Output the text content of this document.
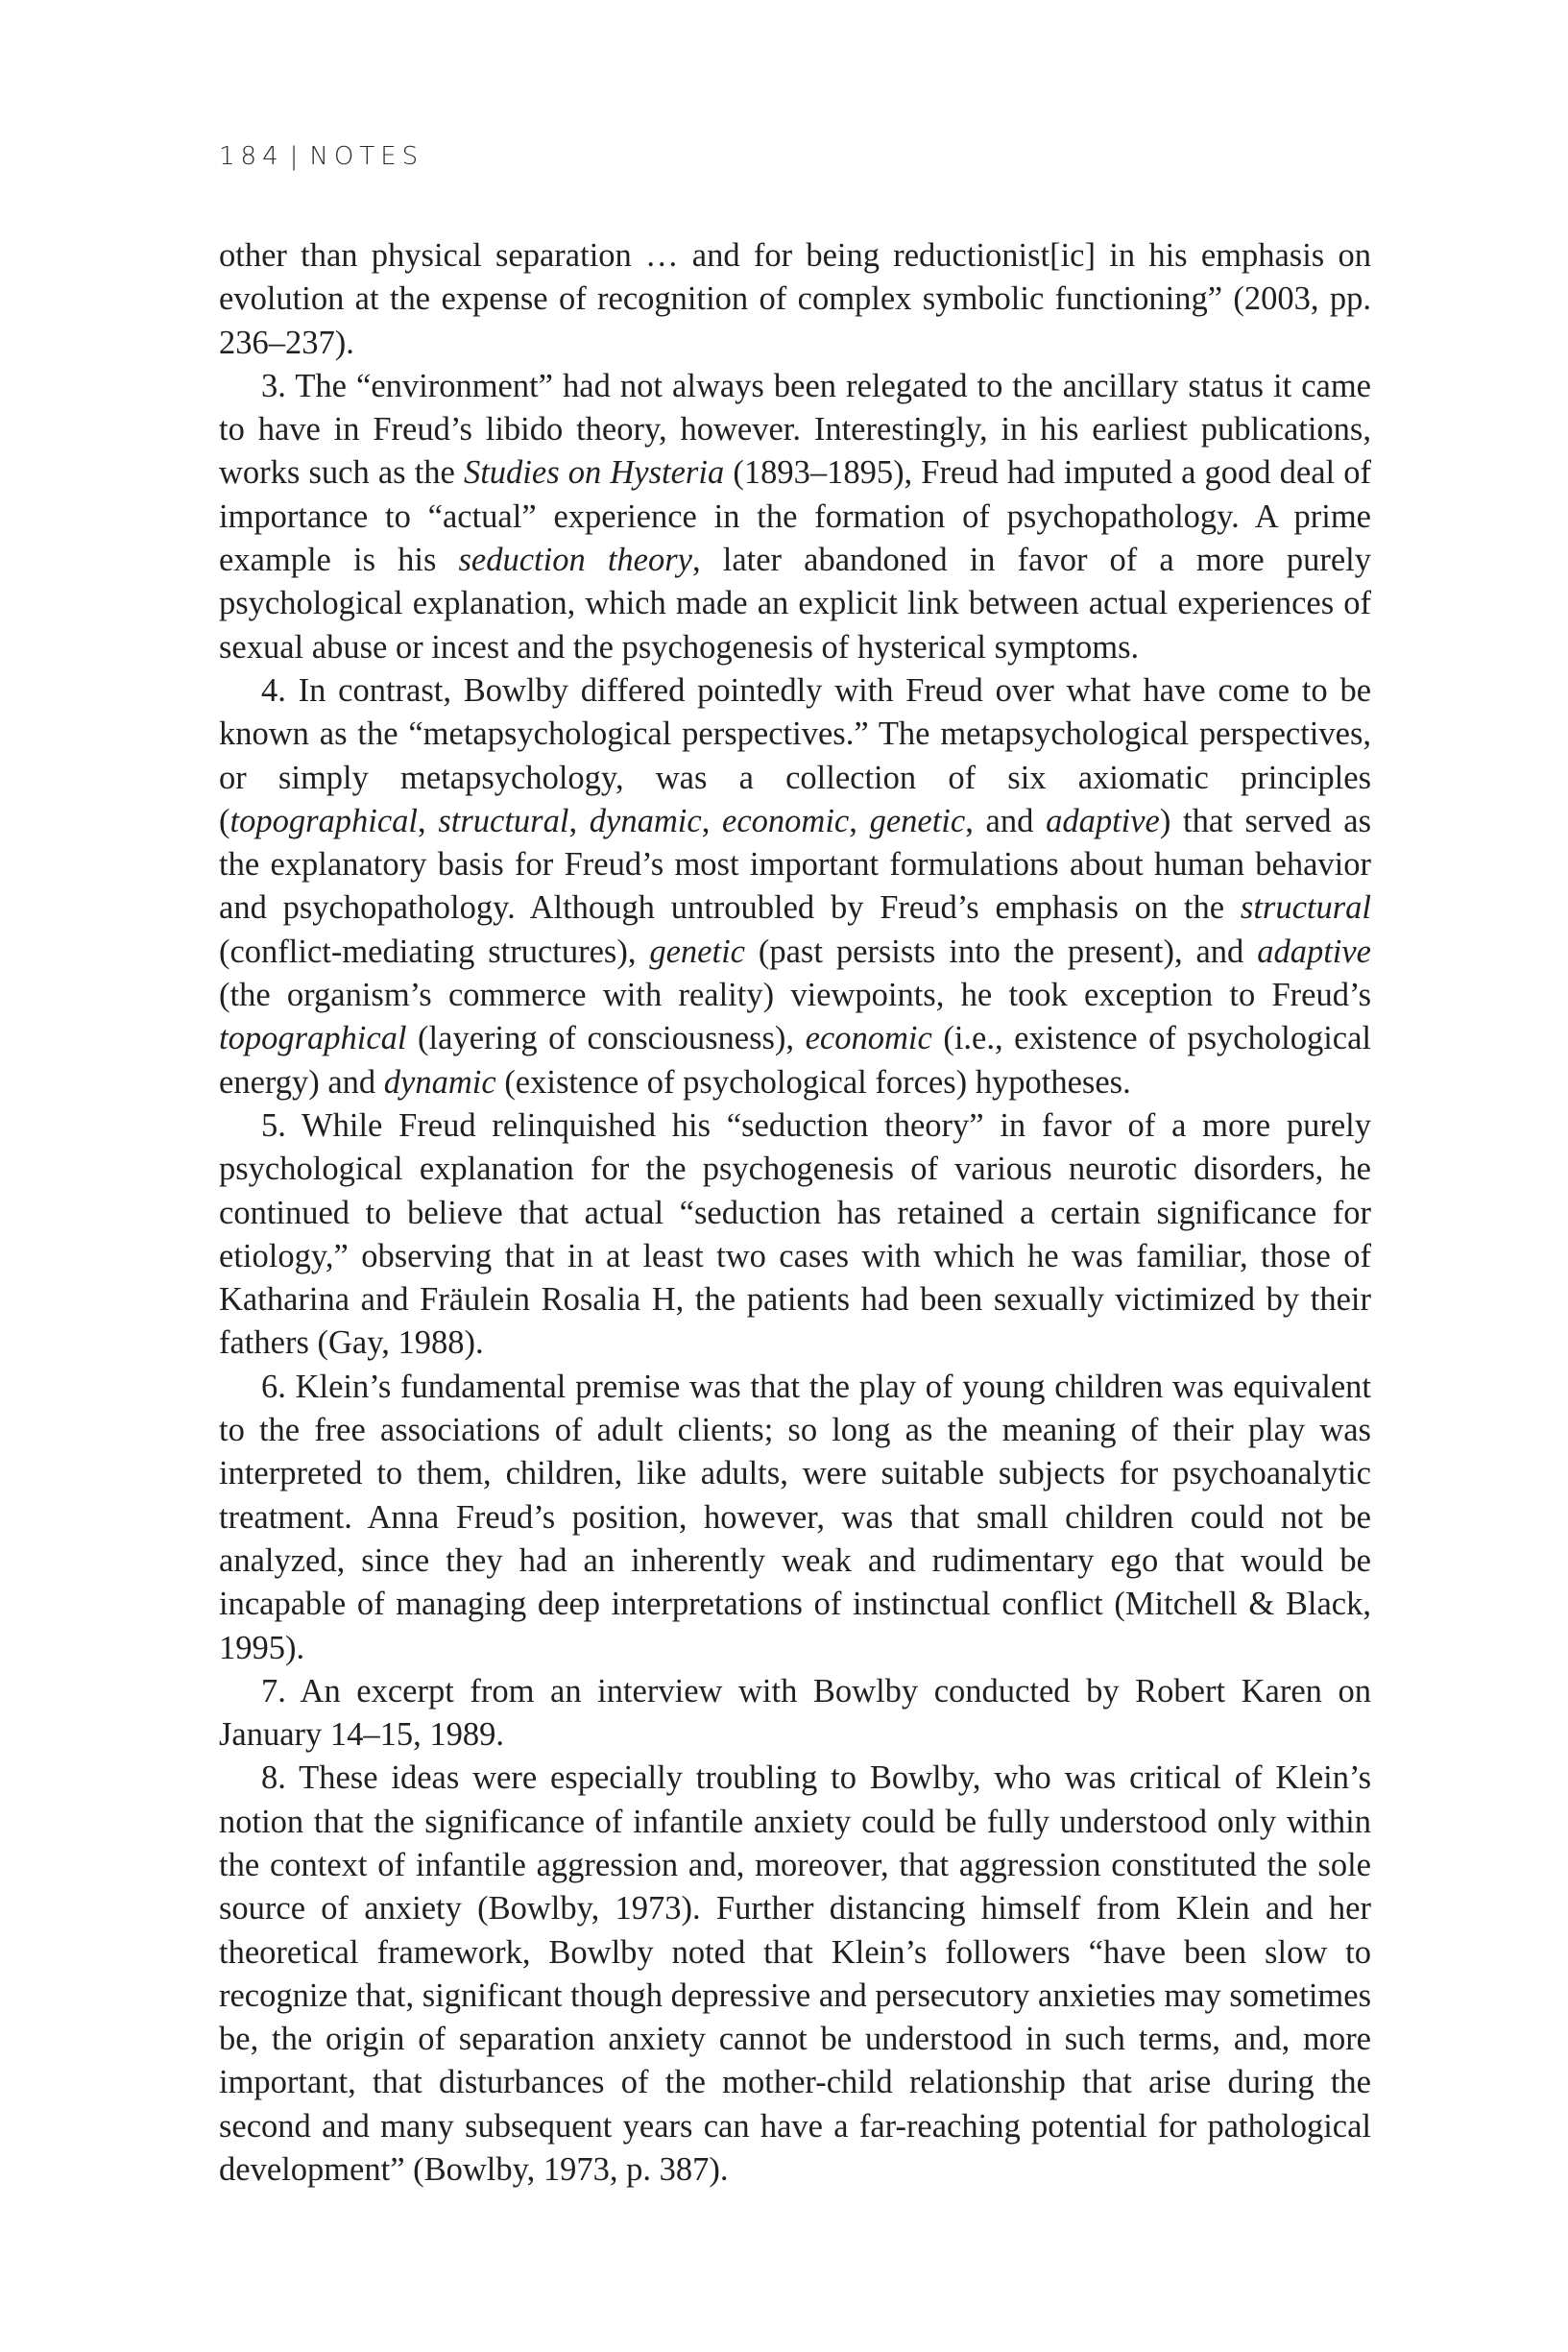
184 | NOTES

other than physical separation … and for being reductionist[ic] in his emphasis on evolution at the expense of recognition of complex symbolic functioning” (2003, pp. 236–237).

3. The “environment” had not always been relegated to the ancillary status it came to have in Freud’s libido theory, however. Interestingly, in his earliest publications, works such as the Studies on Hysteria (1893–1895), Freud had imputed a good deal of importance to “actual” experience in the formation of psychopathology. A prime example is his seduction theory, later abandoned in favor of a more purely psychological explanation, which made an explicit link between actual experiences of sexual abuse or incest and the psychogenesis of hysterical symptoms.

4. In contrast, Bowlby differed pointedly with Freud over what have come to be known as the “metapsychological perspectives.” The metapsychological perspectives, or simply metapsychology, was a collection of six axiomatic principles (topographical, structural, dynamic, economic, genetic, and adaptive) that served as the explanatory basis for Freud’s most important formulations about human behavior and psychopathology. Although untroubled by Freud’s emphasis on the structural (conflict-mediating structures), genetic (past persists into the present), and adaptive (the organism’s commerce with reality) viewpoints, he took exception to Freud’s topographical (layering of consciousness), economic (i.e., existence of psychological energy) and dynamic (existence of psychological forces) hypotheses.

5. While Freud relinquished his “seduction theory” in favor of a more purely psychological explanation for the psychogenesis of various neurotic disorders, he continued to believe that actual “seduction has retained a certain significance for etiology,” observing that in at least two cases with which he was familiar, those of Katharina and Fräulein Rosalia H, the patients had been sexually victimized by their fathers (Gay, 1988).

6. Klein’s fundamental premise was that the play of young children was equivalent to the free associations of adult clients; so long as the meaning of their play was interpreted to them, children, like adults, were suitable subjects for psychoanalytic treatment. Anna Freud’s position, however, was that small children could not be analyzed, since they had an inherently weak and rudimentary ego that would be incapable of managing deep interpretations of instinctual conflict (Mitchell & Black, 1995).

7. An excerpt from an interview with Bowlby conducted by Robert Karen on January 14–15, 1989.

8. These ideas were especially troubling to Bowlby, who was critical of Klein’s notion that the significance of infantile anxiety could be fully understood only within the context of infantile aggression and, moreover, that aggression constituted the sole source of anxiety (Bowlby, 1973). Further distancing himself from Klein and her theoretical framework, Bowlby noted that Klein’s followers “have been slow to recognize that, significant though depressive and persecutory anxieties may sometimes be, the origin of separation anxiety cannot be understood in such terms, and, more important, that disturbances of the mother-child relationship that arise during the second and many subsequent years can have a far-reaching potential for pathological development” (Bowlby, 1973, p. 387).
